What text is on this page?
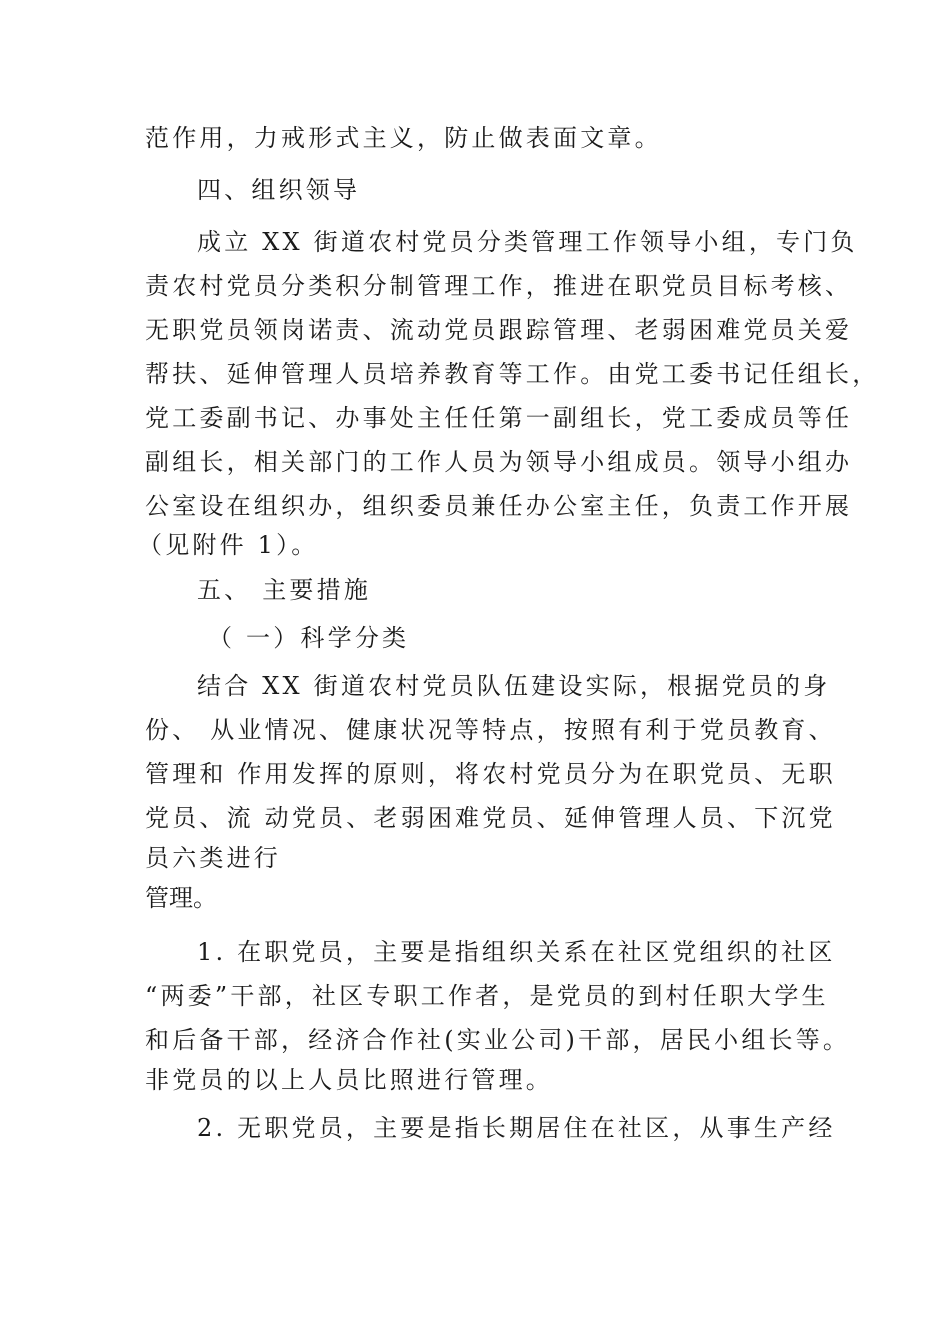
范作用，力戒形式主义，防止做表面文章。
四、组织领导
成立 XX 街道农村党员分类管理工作领导小组，专门负
责农村党员分类积分制管理工作，推进在职党员目标考核、
无职党员领岗诺责、流动党员跟踪管理、老弱困难党员关爱
帮扶、延伸管理人员培养教育等工作。由党工委书记任组长，
党工委副书记、办事处主任任第一副组长，党工委成员等任
副组长，相关部门的工作人员为领导小组成员。领导小组办
公室设在组织办，组织委员兼任办公室主任，负责工作开展
（见附件 1）。
五、 主要措施
（ 一）科学分类
结合 XX 街道农村党员队伍建设实际，根据党员的身
份、 从业情况、健康状况等特点，按照有利于党员教育、
管理和 作用发挥的原则，将农村党员分为在职党员、无职
党员、流 动党员、老弱困难党员、延伸管理人员、下沉党
员六类进行
管理。
1. 在职党员，主要是指组织关系在社区党组织的社区
“两委”干部，社区专职工作者，是党员的到村任职大学生
和后备干部，经济合作社(实业公司)干部，居民小组长等。
非党员的以上人员比照进行管理。
2. 无职党员，主要是指长期居住在社区，从事生产经
